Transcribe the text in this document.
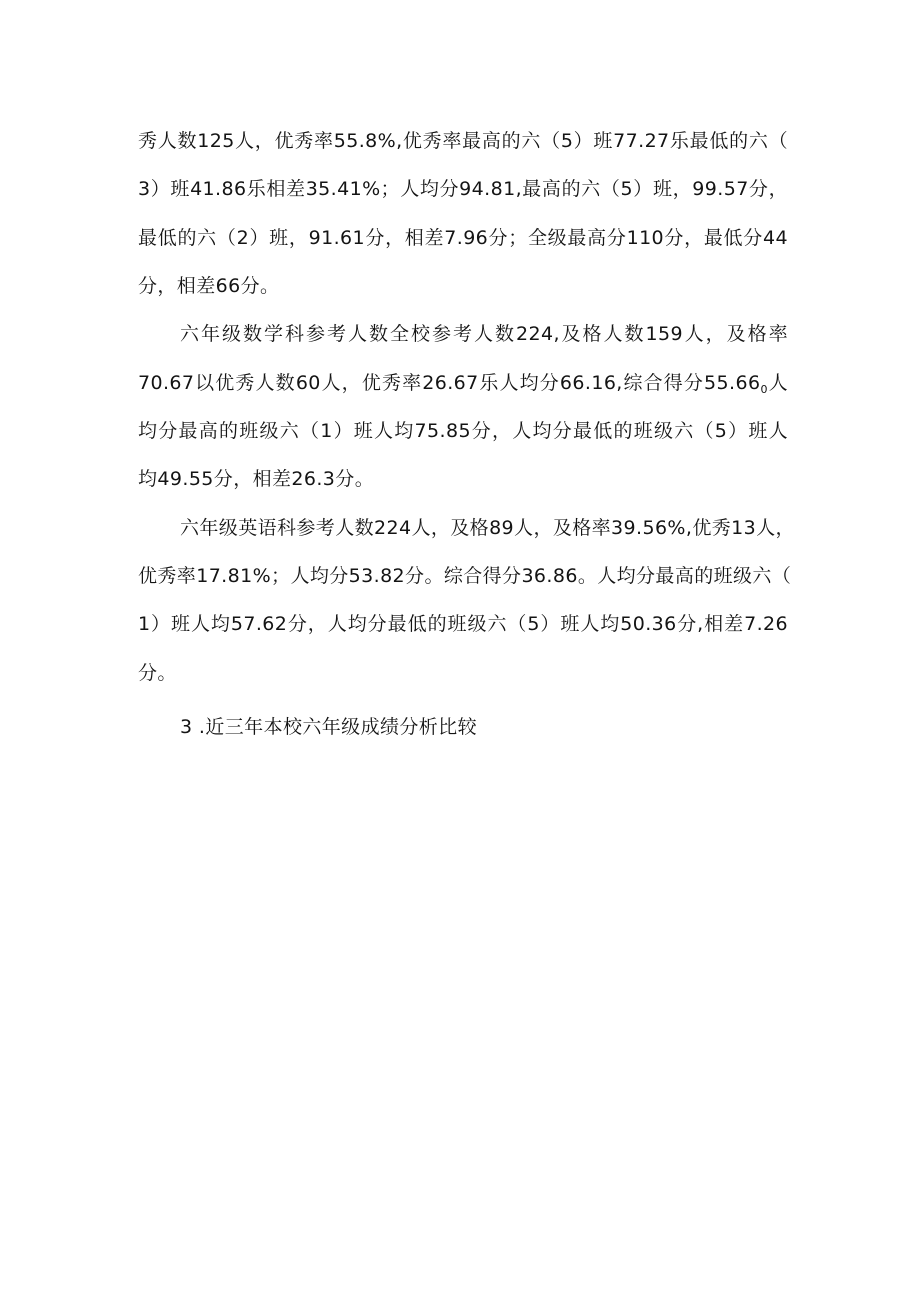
秀人数125人，优秀率55.8%,优秀率最高的六（5）班77.27乐最低的六（
3）班41.86乐相差35.41%；人均分94.81,最高的六（5）班，99.57分，
最低的六（2）班，91.61分，相差7.96分；全级最高分110分，最低分44
分，相差66分。
六年级数学科参考人数全校参考人数224,及格人数159人，及格率
70.67以优秀人数60人，优秀率26.67乐人均分66.16,综合得分$55.66_0$人
均分最高的班级六（1）班人均75.85分，人均分最低的班级六（5）班人
均49.55分，相差26.3分。
六年级英语科参考人数224人，及格89人，及格率39.56%,优秀13人，
优秀率17.81%；人均分53.82分。综合得分36.86。人均分最高的班级六（
1）班人均57.62分，人均分最低的班级六（5）班人均50.36分,相差7.26
分。
3 .近三年本校六年级成绩分析比较
